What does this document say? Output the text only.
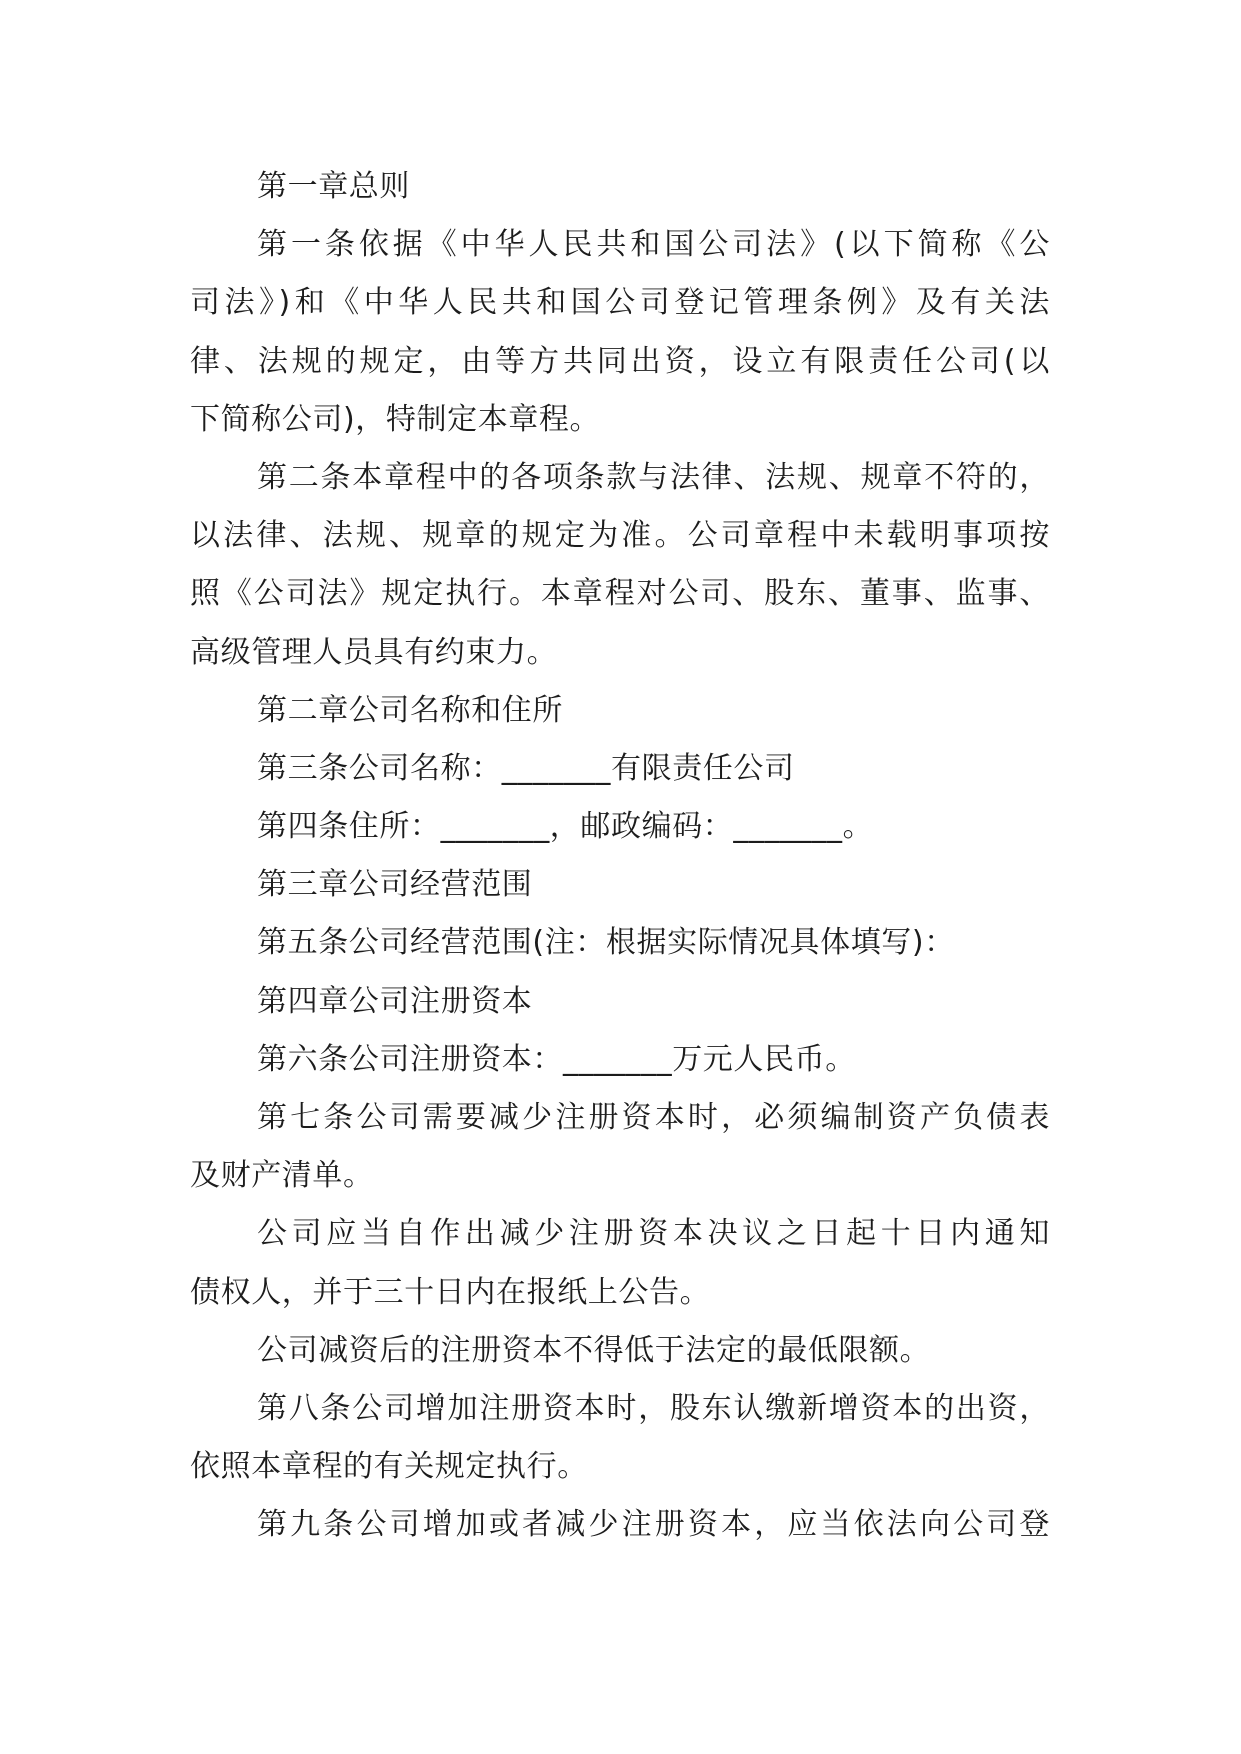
第一章总则
第一条依据《中华人民共和国公司法》(以下简称《公
司法》)和《中华人民共和国公司登记管理条例》及有关法
律、法规的规定，由等方共同出资，设立有限责任公司(以
下简称公司)，特制定本章程。
第二条本章程中的各项条款与法律、法规、规章不符的，
以法律、法规、规章的规定为准。公司章程中未载明事项按
照《公司法》规定执行。本章程对公司、股东、董事、监事、
高级管理人员具有约束力。
第二章公司名称和住所
第三条公司名称：_______有限责任公司
第四条住所：_______，邮政编码：_______。
第三章公司经营范围
第五条公司经营范围(注：根据实际情况具体填写)：
第四章公司注册资本
第六条公司注册资本：_______万元人民币。
第七条公司需要减少注册资本时，必须编制资产负债表
及财产清单。
公司应当自作出减少注册资本决议之日起十日内通知
债权人，并于三十日内在报纸上公告。
公司减资后的注册资本不得低于法定的最低限额。
第八条公司增加注册资本时，股东认缴新增资本的出资，
依照本章程的有关规定执行。
第九条公司增加或者减少注册资本，应当依法向公司登
